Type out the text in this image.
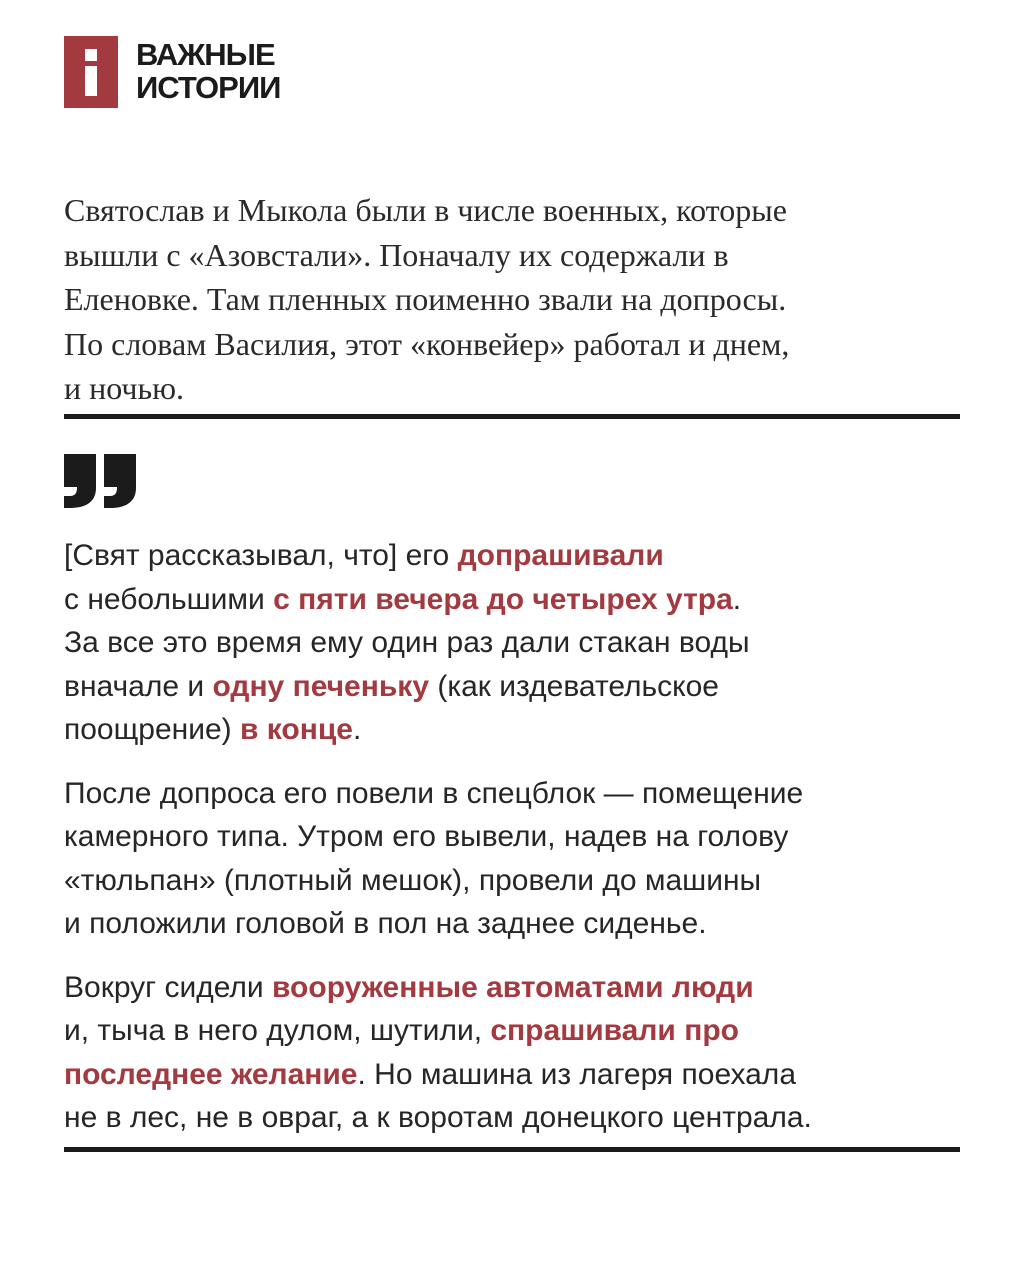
ВАЖНЫЕ
ИСТОРИИ
Святослав и Мыкола были в числе военных, которые
вышли с «Азовстали». Поначалу их содержали в
Еленовке. Там пленных поименно звали на допросы.
По словам Василия, этот «конвейер» работал и днем,
и ночью.

[Свят рассказывал, что] его допрашивали
с небольшими с пяти вечера до четырех утра.
За все это время ему один раз дали стакан воды
вначале и одну печеньку (как издевательское
поощрение) в конце.

После допроса его повели в спецблок — помещение
камерного типа. Утром его вывели, надев на голову
«тюльпан» (плотный мешок), провели до машины
и положили головой в пол на заднее сиденье.

Вокруг сидели вооруженные автоматами люди
и, тыча в него дулом, шутили, спрашивали про
последнее желание. Но машина из лагеря поехала
не в лес, не в овраг, а к воротам донецкого централа.
